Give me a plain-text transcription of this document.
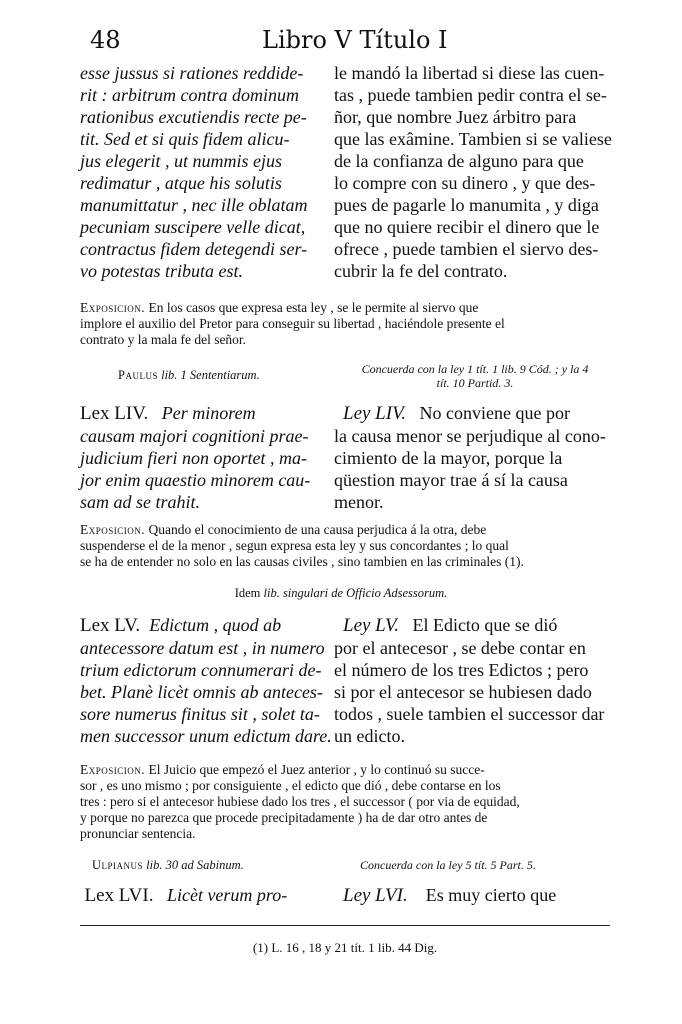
48	Libro V Título I
esse jussus si rationes reddide-
rit : arbitrum contra dominum
rationibus excutiendis recte pe-
tit. Sed et si quis fidem alicu-
jus elegerit , ut nummis ejus
redimatur , atque his solutis
manumittatur , nec ille oblatam
pecuniam suscipere velle dicat,
contractus fidem detegendi ser-
vo potestas tributa est.
le mandó la libertad si diese las cuen-
tas , puede tambien pedir contra el se-
ñor, que nombre Juez árbitro para
que las exâmine. Tambien si se valiese
de la confianza de alguno para que
lo compre con su dinero , y que des-
pues de pagarle lo manumita , y diga
que no quiere recibir el dinero que le
ofrece , puede tambien el siervo des-
cubrir la fe del contrato.
Exposicion. En los casos que expresa esta ley , se le permite al siervo que
implore el auxilio del Pretor para conseguir su libertad , haciéndole presente el
contrato y la mala fe del señor.
Paulus lib. 1 Sententiarum.	Concuerda con la ley 1 tít. 1 lib. 9 Cód. ; y la 4
tít. 10 Partid. 3.
Lex LIV. Per minorem
causam majori cognitioni prae-
judicium fieri non oportet , ma-
jor enim quaestio minorem cau-
sam ad se trahit.
Ley LIV. No conviene que por
la causa menor se perjudique al cono-
cimiento de la mayor, porque la
qüestion mayor trae á sí la causa
menor.
Exposicion. Quando el conocimiento de una causa perjudica á la otra, debe
suspenderse el de la menor , segun expresa esta ley y sus concordantes ; lo qual
se ha de entender no solo en las causas civiles , sino tambien en las criminales (1).
Idem lib. singulari de Officio Adsessorum.
Lex LV. Edictum , quod ab
antecessore datum est , in numero
trium edictorum connumerari de-
bet. Planè licèt omnis ab anteces-
sore numerus finitus sit , solet ta-
men successor unum edictum dare.
Ley LV. El Edicto que se dió
por el antecesor , se debe contar en
el número de los tres Edictos ; pero
si por el antecesor se hubiesen dado
todos , suele tambien el successor dar
un edicto.
Exposicion. El Juicio que empezó el Juez anterior , y lo continuó su succe-
sor , es uno mismo ; por consiguiente , el edicto que dió , debe contarse en los
tres : pero si el antecesor hubiese dado los tres , el successor ( por via de equidad,
y porque no parezca que procede precipitadamente ) ha de dar otro antes de
pronunciar sentencia.
Ulpianus lib. 30 ad Sabinum.	Concuerda con la ley 5 tít. 5 Part. 5.
Lex LVI. Licèt verum pro-	Ley LVI. Es muy cierto que
(1) L. 16 , 18 y 21 tít. 1 lib. 44 Dig.
